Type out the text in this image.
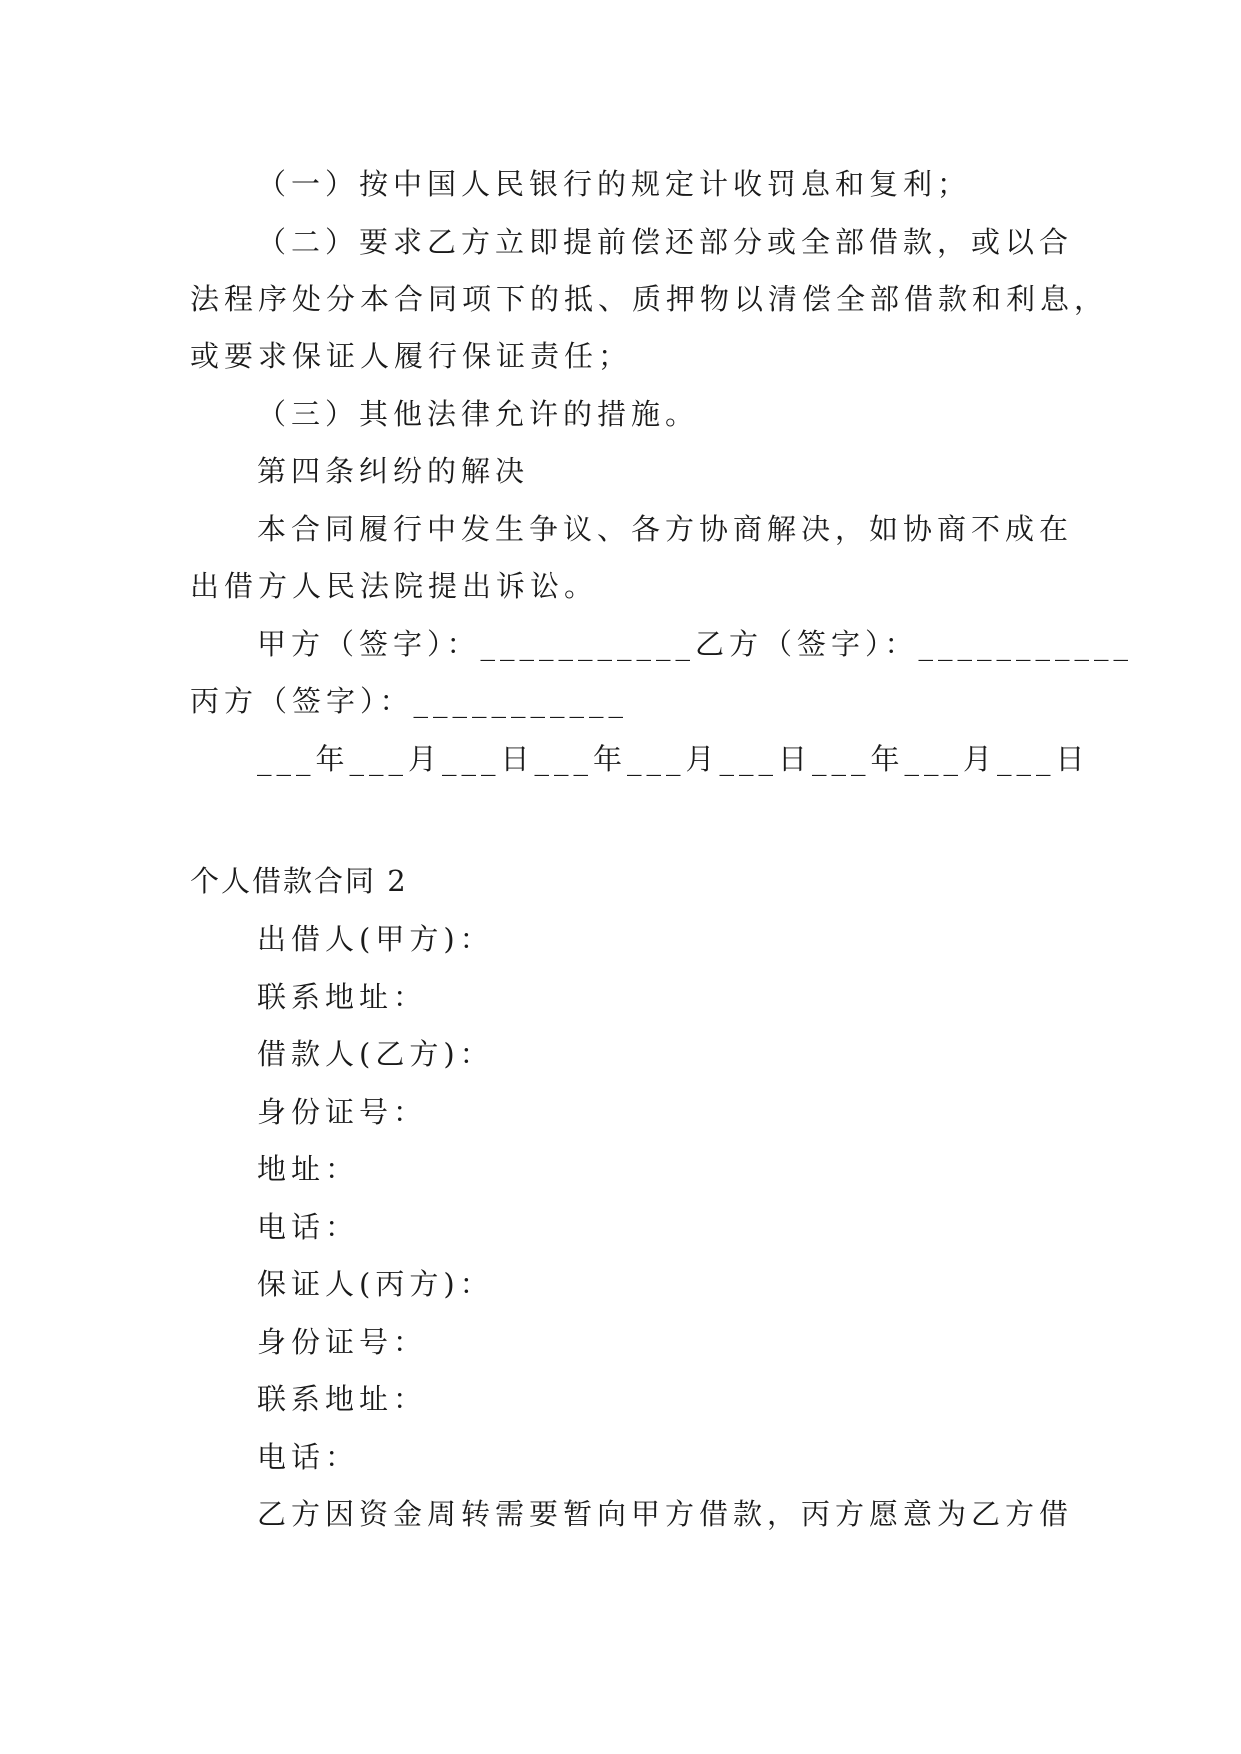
（一）按中国人民银行的规定计收罚息和复利；
（二）要求乙方立即提前偿还部分或全部借款，或以合
法程序处分本合同项下的抵、质押物以清偿全部借款和利息，
或要求保证人履行保证责任；
（三）其他法律允许的措施。
第四条纠纷的解决
本合同履行中发生争议、各方协商解决，如协商不成在
出借方人民法院提出诉讼。
甲方（签字）：___________乙方（签字）：___________
丙方（签字）：___________
___年___月___日___年___月___日___年___月___日
个人借款合同 2
出借人(甲方)：
联系地址：
借款人(乙方)：
身份证号：
地址：
电话：
保证人(丙方)：
身份证号：
联系地址：
电话：
乙方因资金周转需要暂向甲方借款，丙方愿意为乙方借
